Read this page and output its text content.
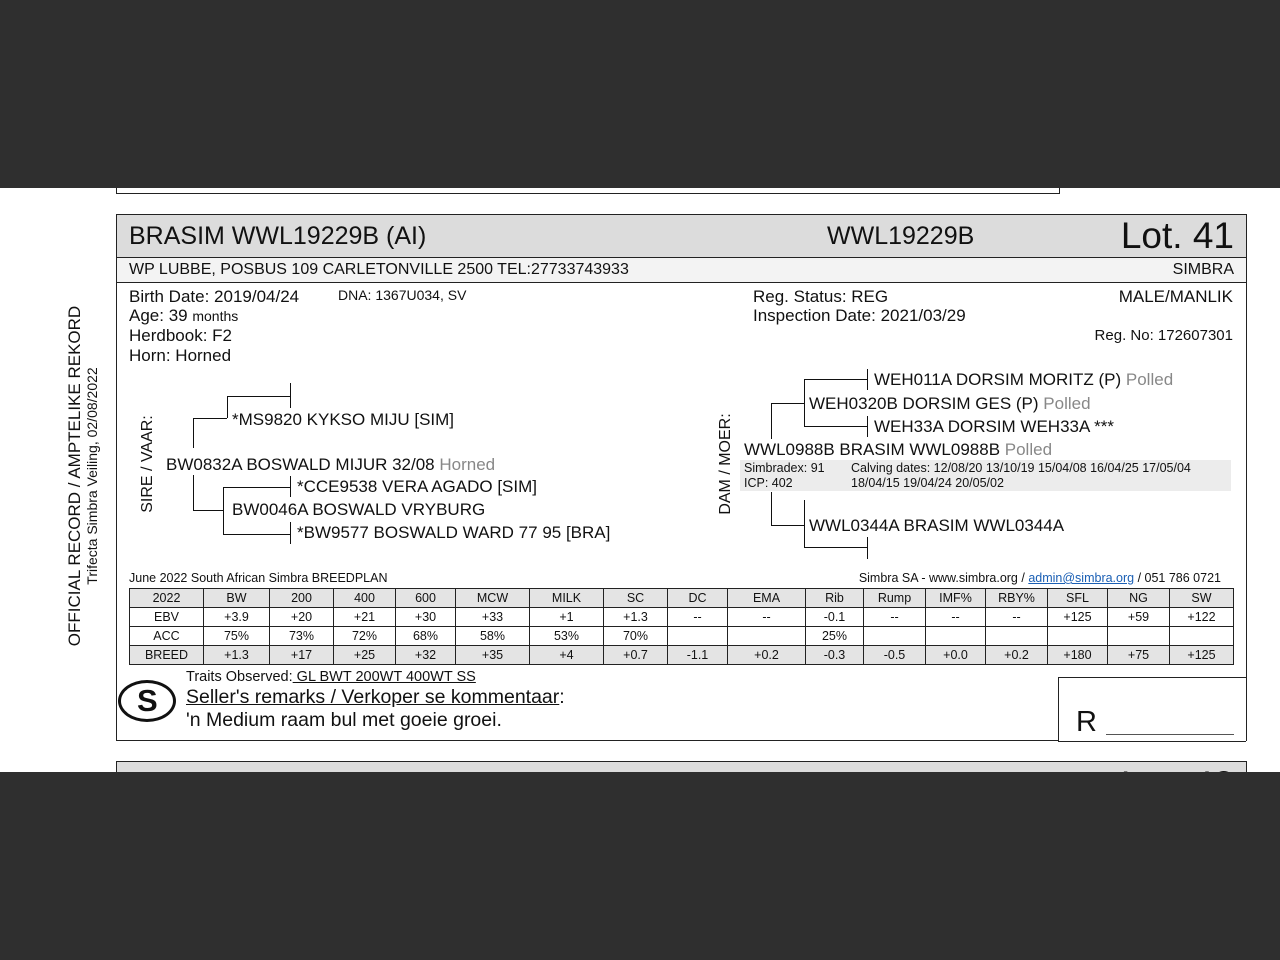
OFFICIAL RECORD / AMPTELIKE REKORD Trifecta Simbra Veiling, 02/08/2022
BRASIM WWL19229B (AI)	WWL19229B	Lot. 41
WP LUBBE, POSBUS 109 CARLETONVILLE 2500 TEL:27733743933	SIMBRA
Birth Date: 2019/04/24	DNA: 1367U034, SV
Age: 39 months
Herdbook: F2
Horn: Horned
Reg. Status: REG
Inspection Date: 2021/03/29
MALE/MANLIK
Reg. No: 172607301
SIRE / VAAR:	*MS9820 KYKSO MIJU [SIM]
BW0832A BOSWALD MIJUR 32/08 Horned
*CCE9538 VERA AGADO [SIM]
BW0046A BOSWALD VRYBURG
*BW9577 BOSWALD WARD 77 95 [BRA]
DAM / MOER:
WEH011A DORSIM MORITZ (P) Polled
WEH0320B DORSIM GES (P) Polled
WEH33A DORSIM WEH33A ***
WWL0988B BRASIM WWL0988B Polled
Simbradex: 91
ICP: 402
Calving dates: 12/08/20 13/10/19 15/04/08 16/04/25 17/05/04
18/04/15 19/04/24 20/05/02
WWL0344A BRASIM WWL0344A
June 2022 South African Simbra BREEDPLAN	Simbra SA - www.simbra.org / admin@simbra.org / 051 786 0721
2022	BW	200	400	600	MCW	MILK	SC	DC	EMA	Rib	Rump	IMF%	RBY%	SFL	NG	SW
EBV	+3.9	+20	+21	+30	+33	+1	+1.3	--	--	-0.1	--	--	--	+125	+59	+122
ACC	75%	73%	72%	68%	58%	53%	70%			25%						
BREED	+1.3	+17	+25	+32	+35	+4	+0.7	-1.1	+0.2	-0.3	-0.5	+0.0	+0.2	+180	+75	+125
S
Traits Observed: GL BWT 200WT 400WT SS
Seller's remarks / Verkoper se kommentaar:
'n Medium raam bul met goeie groei.	R
